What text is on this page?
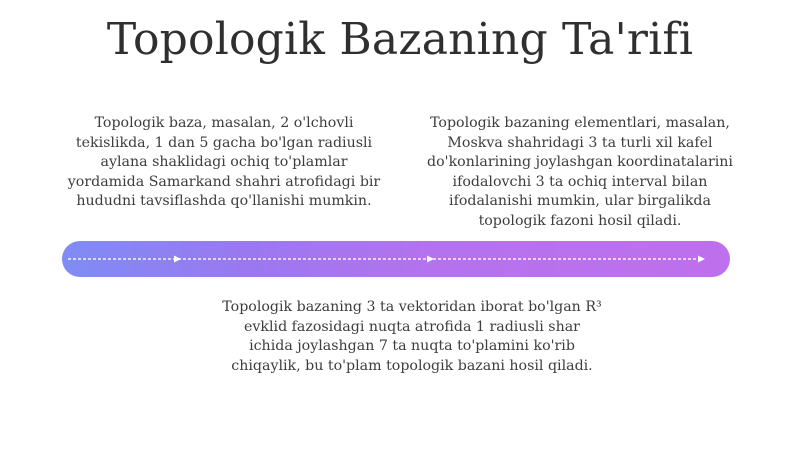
Topologik Bazaning Ta'rifi

Topologik baza, masalan, 2 o'lchovli tekislikda, 1 dan 5 gacha bo'lgan radiusli aylana shaklidagi ochiq to'plamlar yordamida Samarkand shahri atrofidagi bir hududni tavsiflashda qo'llanishi mumkin.

Topologik bazaning elementlari, masalan, Moskva shahridagi 3 ta turli xil kafel do'konlarining joylashgan koordinatalarini ifodalovchi 3 ta ochiq interval bilan ifodalanishi mumkin, ular birgalikda topologik fazoni hosil qiladi.

Topologik bazaning 3 ta vektoridan iborat bo'lgan R³ evklid fazosidagi nuqta atrofida 1 radiusli shar ichida joylashgan 7 ta nuqta to'plamini ko'rib chiqaylik, bu to'plam topologik bazani hosil qiladi.
